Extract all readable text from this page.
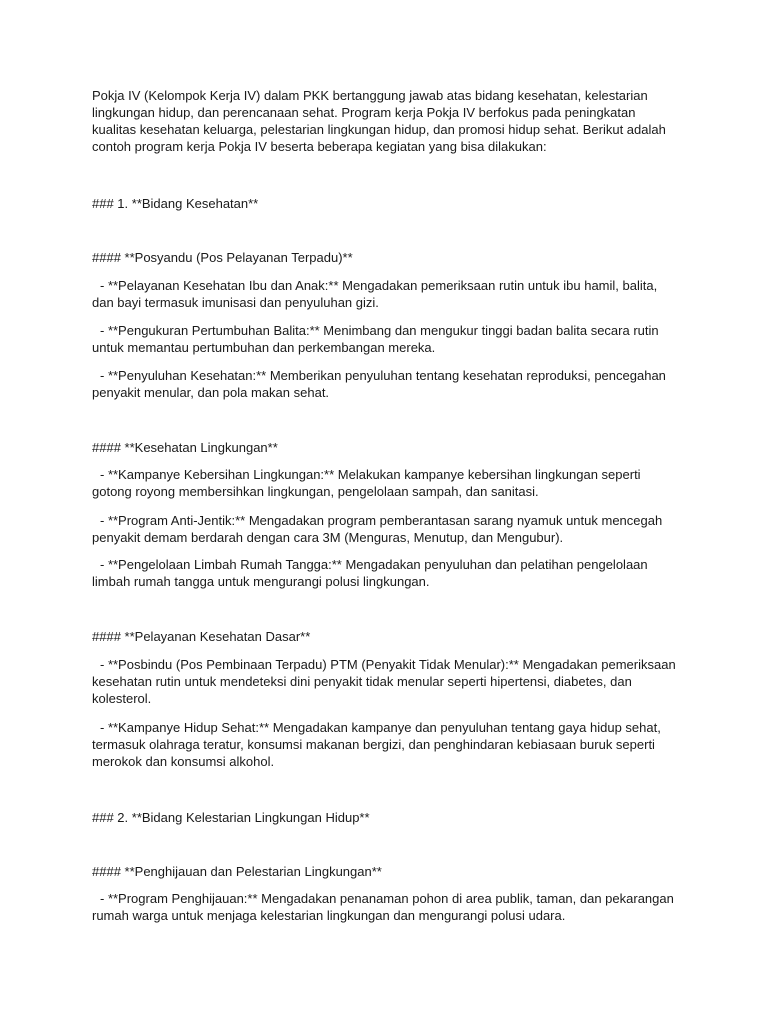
Pokja IV (Kelompok Kerja IV) dalam PKK bertanggung jawab atas bidang kesehatan, kelestarian lingkungan hidup, dan perencanaan sehat. Program kerja Pokja IV berfokus pada peningkatan kualitas kesehatan keluarga, pelestarian lingkungan hidup, dan promosi hidup sehat. Berikut adalah contoh program kerja Pokja IV beserta beberapa kegiatan yang bisa dilakukan:

### 1. **Bidang Kesehatan**

#### **Posyandu (Pos Pelayanan Terpadu)**

- **Pelayanan Kesehatan Ibu dan Anak:** Mengadakan pemeriksaan rutin untuk ibu hamil, balita, dan bayi termasuk imunisasi dan penyuluhan gizi.

- **Pengukuran Pertumbuhan Balita:** Menimbang dan mengukur tinggi badan balita secara rutin untuk memantau pertumbuhan dan perkembangan mereka.

- **Penyuluhan Kesehatan:** Memberikan penyuluhan tentang kesehatan reproduksi, pencegahan penyakit menular, dan pola makan sehat.

#### **Kesehatan Lingkungan**

- **Kampanye Kebersihan Lingkungan:** Melakukan kampanye kebersihan lingkungan seperti gotong royong membersihkan lingkungan, pengelolaan sampah, dan sanitasi.

- **Program Anti-Jentik:** Mengadakan program pemberantasan sarang nyamuk untuk mencegah penyakit demam berdarah dengan cara 3M (Menguras, Menutup, dan Mengubur).

- **Pengelolaan Limbah Rumah Tangga:** Mengadakan penyuluhan dan pelatihan pengelolaan limbah rumah tangga untuk mengurangi polusi lingkungan.

#### **Pelayanan Kesehatan Dasar**

- **Posbindu (Pos Pembinaan Terpadu) PTM (Penyakit Tidak Menular):** Mengadakan pemeriksaan kesehatan rutin untuk mendeteksi dini penyakit tidak menular seperti hipertensi, diabetes, dan kolesterol.

- **Kampanye Hidup Sehat:** Mengadakan kampanye dan penyuluhan tentang gaya hidup sehat, termasuk olahraga teratur, konsumsi makanan bergizi, dan penghindaran kebiasaan buruk seperti merokok dan konsumsi alkohol.

### 2. **Bidang Kelestarian Lingkungan Hidup**

#### **Penghijauan dan Pelestarian Lingkungan**

- **Program Penghijauan:** Mengadakan penanaman pohon di area publik, taman, dan pekarangan rumah warga untuk menjaga kelestarian lingkungan dan mengurangi polusi udara.
